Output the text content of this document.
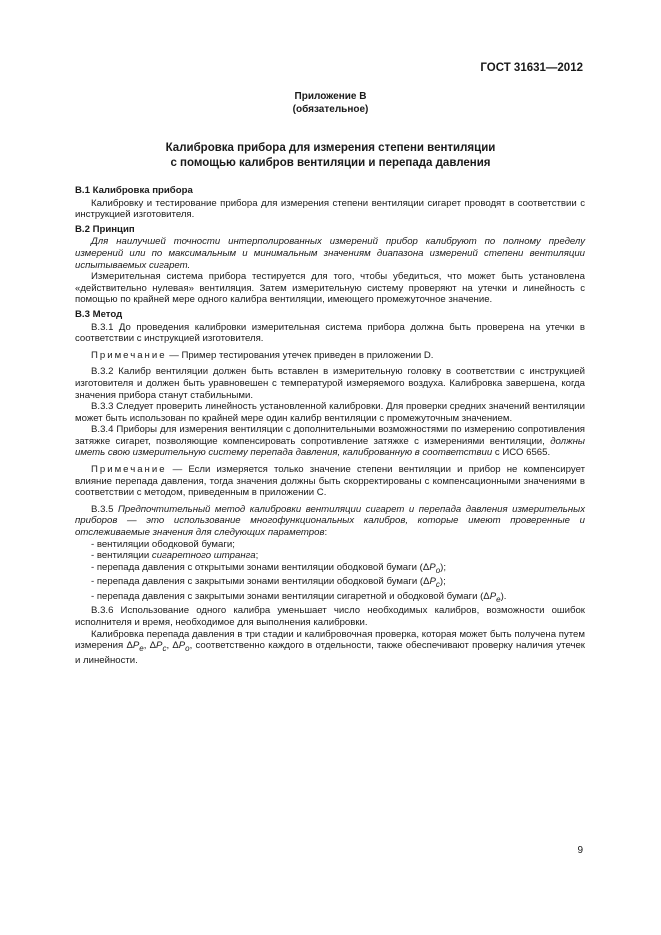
ГОСТ 31631—2012
Приложение В
(обязательное)
Калибровка прибора для измерения степени вентиляции
с помощью калибров вентиляции и перепада давления

В.1 Калибровка прибора

Калибровку и тестирование прибора для измерения степени вентиляции сигарет проводят в соответствии с инструкцией изготовителя.

В.2 Принцип

Для наилучшей точности интерполированных измерений прибор калибруют по полному пределу измерений или по максимальным и минимальным значениям диапазона измерений степени вентиляции испытываемых сигарет.

Измерительная система прибора тестируется для того, чтобы убедиться, что может быть установлена «действительно нулевая» вентиляция. Затем измерительную систему проверяют на утечки и линейность с помощью по крайней мере одного калибра вентиляции, имеющего промежуточное значение.

В.3 Метод

В.3.1 До проведения калибровки измерительная система прибора должна быть проверена на утечки в соответствии с инструкцией изготовителя.

Примечание — Пример тестирования утечек приведен в приложении D.

В.3.2 Калибр вентиляции должен быть вставлен в измерительную головку в соответствии с инструкцией изготовителя и должен быть уравновешен с температурой измеряемого воздуха. Калибровка завершена, когда значения прибора станут стабильными.

В.3.3 Следует проверить линейность установленной калибровки. Для проверки средних значений вентиляции может быть использован по крайней мере один калибр вентиляции с промежуточным значением.

В.3.4 Приборы для измерения вентиляции с дополнительными возможностями по измерению сопротивления затяжке сигарет, позволяющие компенсировать сопротивление затяжке с измерениями вентиляции, должны иметь свою измерительную систему перепада давления, калиброванную в соответствии с ИСО 6565.

Примечание — Если измеряется только значение степени вентиляции и прибор не компенсирует влияние перепада давления, тогда значения должны быть скорректированы с компенсационными значениями в соответствии с методом, приведенным в приложении С.

В.3.5 Предпочтительный метод калибровки вентиляции сигарет и перепада давления измерительных приборов — это использование многофункциональных калибров, которые имеют проверенные и отслеживаемые значения для следующих параметров:

- вентиляции ободковой бумаги;

- вентиляции сигаретного штранга;

- перепада давления с открытыми зонами вентиляции ободковой бумаги $(\Delta P_o)$;

- перепада давления с закрытыми зонами вентиляции ободковой бумаги $(\Delta P_c)$;

- перепада давления с закрытыми зонами вентиляции сигаретной и ободковой бумаги $(\Delta P_e)$.

В.3.6 Использование одного калибра уменьшает число необходимых калибров, возможности ошибок исполнителя и время, необходимое для выполнения калибровки.

Калибровка перепада давления в три стадии и калибровочная проверка, которая может быть получена путем измерения $\Delta P_e$, $\Delta P_c$, $\Delta P_o$, соответственно каждого в отдельности, также обеспечивают проверку наличия утечек и линейности.

9
